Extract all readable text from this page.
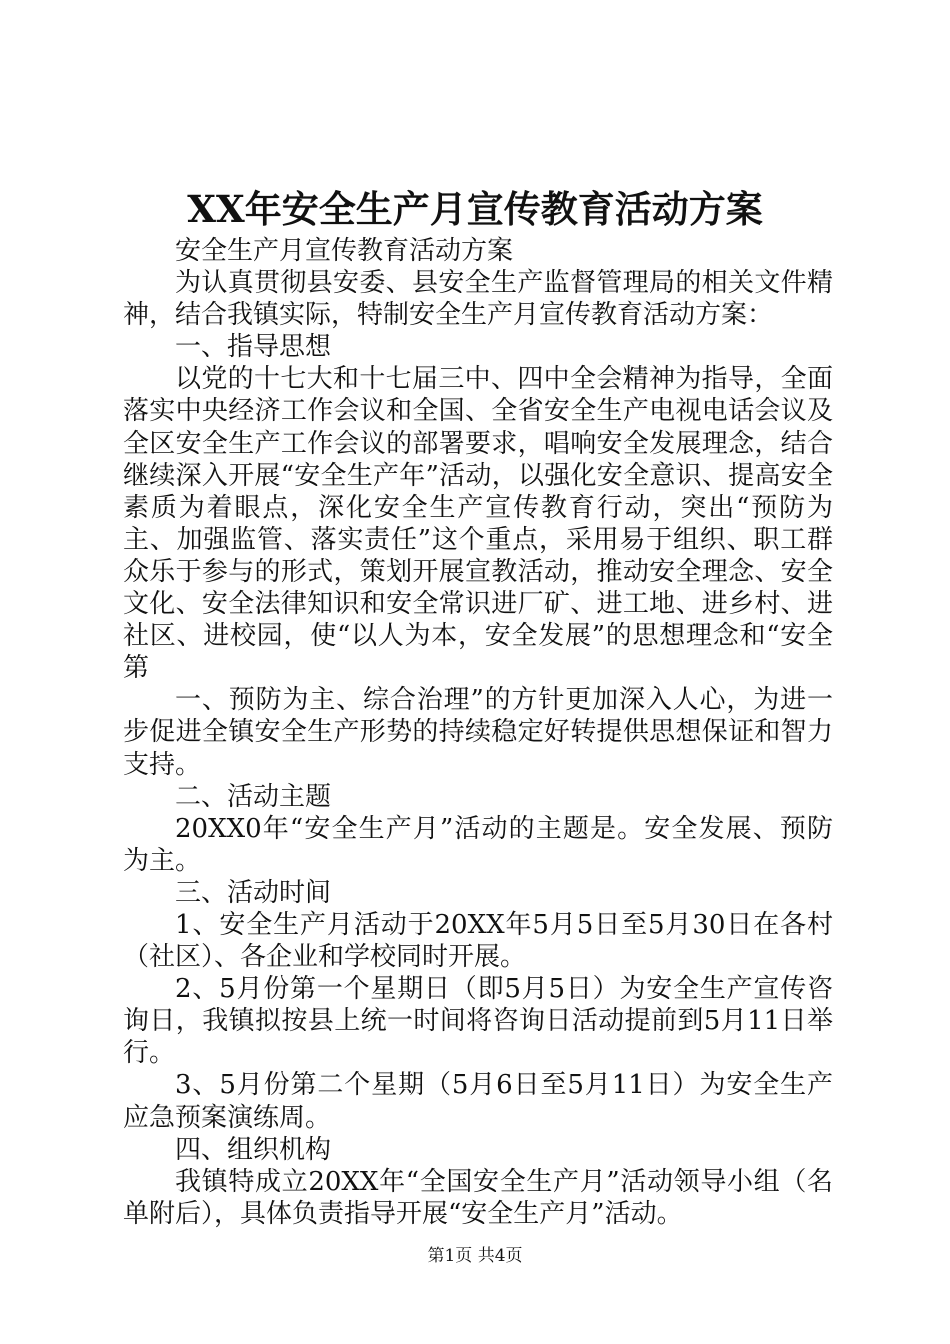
XX年安全生产月宣传教育活动方案

安全生产月宣传教育活动方案

为认真贯彻县安委、县安全生产监督管理局的相关文件精神，结合我镇实际，特制安全生产月宣传教育活动方案：

一、指导思想

以党的十七大和十七届三中、四中全会精神为指导，全面落实中央经济工作会议和全国、全省安全生产电视电话会议及全区安全生产工作会议的部署要求，唱响安全发展理念，结合继续深入开展“安全生产年”活动，以强化安全意识、提高安全素质为着眼点，深化安全生产宣传教育行动，突出“预防为主、加强监管、落实责任”这个重点，采用易于组织、职工群众乐于参与的形式，策划开展宣教活动，推动安全理念、安全文化、安全法律知识和安全常识进厂矿、进工地、进乡村、进社区、进校园，使“以人为本，安全发展”的思想理念和“安全第

一、预防为主、综合治理”的方针更加深入人心，为进一步促进全镇安全生产形势的持续稳定好转提供思想保证和智力支持。

二、活动主题

20XX0年“安全生产月”活动的主题是。安全发展、预防为主。

三、活动时间

1、安全生产月活动于20XX年5月5日至5月30日在各村（社区）、各企业和学校同时开展。

2、5月份第一个星期日（即5月5日）为安全生产宣传咨询日，我镇拟按县上统一时间将咨询日活动提前到5月11日举行。

3、5月份第二个星期（5月6日至5月11日）为安全生产应急预案演练周。

四、组织机构

我镇特成立20XX年“全国安全生产月”活动领导小组（名单附后），具体负责指导开展“安全生产月”活动。

第1页 共4页
